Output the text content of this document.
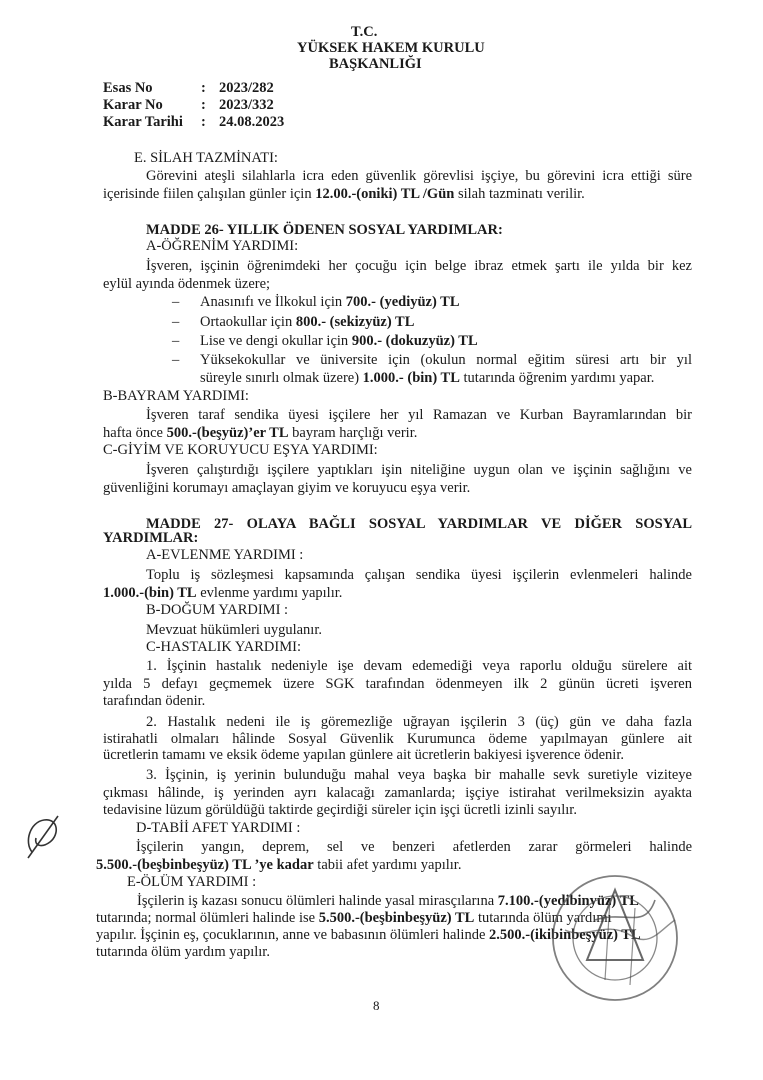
T.C.
YÜKSEK HAKEM KURULU
BAŞKANLIĞI
Esas No	: 2023/282
Karar No	: 2023/332
Karar Tarihi : 24.08.2023
E. SİLAH TAZMİNATI:
Görevini ateşli silahlarla icra eden güvenlik görevlisi işçiye, bu görevini icra ettiği süre
içerisinde fiilen çalışılan günler için 12.00.-(oniki) TL /Gün silah tazminatı verilir.
MADDE 26- YILLIK ÖDENEN SOSYAL YARDIMLAR:
A-ÖĞRENİM YARDIMI:
İşveren, işçinin öğrenimdeki her çocuğu için belge ibraz etmek şartı ile yılda bir kez
eylül ayında ödenmek üzere;
– Anasınıfı ve İlkokul için 700.- (yediyüz) TL
– Ortaokullar için 800.- (sekizyüz) TL
– Lise ve dengi okullar için 900.- (dokuzyüz) TL
– Yüksekokullar ve üniversite için (okulun normal eğitim süresi artı bir yıl
süreyle sınırlı olmak üzere) 1.000.- (bin) TL tutarında öğrenim yardımı yapar.
B-BAYRAM YARDIMI:
İşveren taraf sendika üyesi işçilere her yıl Ramazan ve Kurban Bayramlarından bir
hafta önce 500.-(beşyüz)’er TL bayram harçlığı verir.
C-GİYİM VE KORUYUCU EŞYA YARDIMI:
İşveren çalıştırdığı işçilere yaptıkları işin niteliğine uygun olan ve işçinin sağlığını ve
güvenliğini korumayı amaçlayan giyim ve koruyucu eşya verir.
MADDE 27- OLAYA BAĞLI SOSYAL YARDIMLAR VE DİĞER SOSYAL
YARDIMLAR:
A-EVLENME YARDIMI :
Toplu iş sözleşmesi kapsamında çalışan sendika üyesi işçilerin evlenmeleri halinde
1.000.-(bin) TL evlenme yardımı yapılır.
B-DOĞUM YARDIMI :
Mevzuat hükümleri uygulanır.
C-HASTALIK YARDIMI:
1. İşçinin hastalık nedeniyle işe devam edemediği veya raporlu olduğu sürelere ait
yılda 5 defayı geçmemek üzere SGK tarafından ödenmeyen ilk 2 günün ücreti işveren
tarafından ödenir.
2. Hastalık nedeni ile iş göremezliğe uğrayan işçilerin 3 (üç) gün ve daha fazla
istirahatli olmaları hâlinde Sosyal Güvenlik Kurumunca ödeme yapılmayan günlere ait
ücretlerin tamamı ve eksik ödeme yapılan günlere ait ücretlerin bakiyesi işverence ödenir.
3. İşçinin, iş yerinin bulunduğu mahal veya başka bir mahalle sevk suretiyle viziteye
çıkması hâlinde, iş yerinden ayrı kalacağı zamanlarda; işçiye istirahat verilmeksizin ayakta
tedavisine lüzum görüldüğü taktirde geçirdiği süreler için işçi ücretli izinli sayılır.
D-TABİİ AFET YARDIMI :
İşçilerin yangın, deprem, sel ve benzeri afetlerden zarar görmeleri halinde
5.500.-(beşbinbeşyüz) TL ’ye kadar tabii afet yardımı yapılır.
E-ÖLÜM YARDIMI :
İşçilerin iş kazası sonucu ölümleri halinde yasal mirasçılarına 7.100.-(yedibinyüz) TL
tutarında; normal ölümleri halinde ise 5.500.-(beşbinbeşyüz) TL tutarında ölüm yardımı
yapılır. İşçinin eş, çocuklarının, anne ve babasının ölümleri halinde 2.500.-(ikibinbeşyüz) TL
tutarında ölüm yardım yapılır.
8
